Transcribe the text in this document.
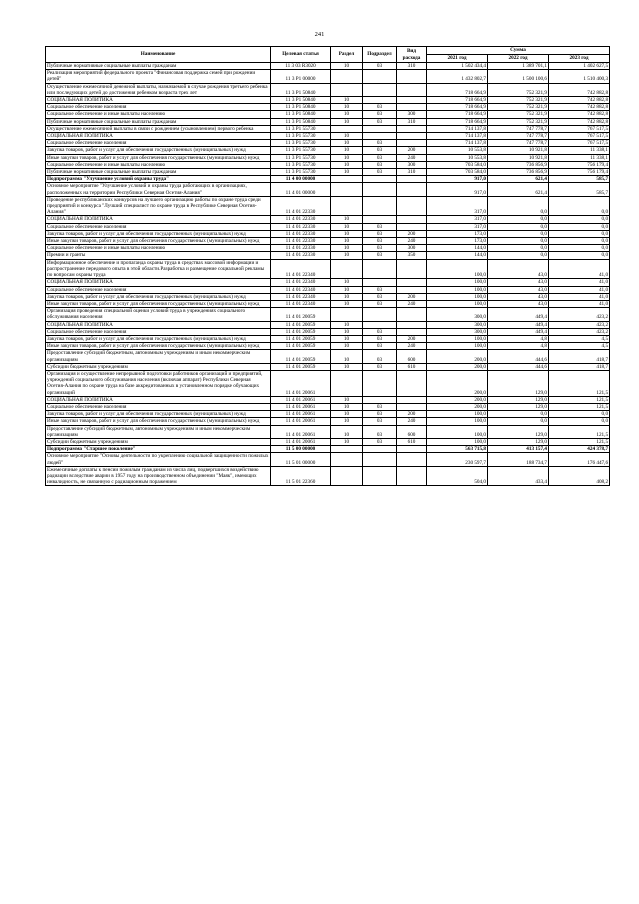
241
Наименование	Целевая статья	Раздел	Подраздел	Вид расхода	Сумма		
					2021 год	2022 год	2023 год
Публичные нормативные социальные выплаты гражданам	11 3 03 R3020	10	03	310	1 502 434,4	1 389 701,1	1 402 627,5
Реализация мероприятий федерального проекта "Финансовая поддержка семей при рождении детей"	11 3 P1 00000				1 432 802,7	1 500 100,6	1 510 400,3
Осуществление ежемесячной денежной выплаты, назначаемой в случае рождения третьего ребенка или последующих детей до достижения ребенком возраста трех лет	11 3 P1 50840				718 664,9	752 321,9	742 882,8
СОЦИАЛЬНАЯ ПОЛИТИКА	11 3 P1 50840	10			718 664,9	752 321,9	742 882,8
Социальное обеспечение населения	11 3 P1 50840	10	03		718 664,9	752 321,9	742 882,8
Социальное обеспечение и иные выплаты населению	11 3 P1 50840	10	03	300	718 664,9	752 321,9	742 882,8
Публичные нормативные социальные выплаты гражданам	11 3 P1 50840	10	03	310	718 664,9	752 321,9	742 882,8
Осуществление ежемесячной выплаты в связи с рождением (усыновлением) первого ребенка	11 3 P1 55730				714 137,8	747 778,7	767 517,5
СОЦИАЛЬНАЯ ПОЛИТИКА	11 3 P1 55730	10			714 137,8	747 778,7	767 517,5
Социальное обеспечение населения	11 3 P1 55730	10	03		714 137,8	747 778,7	767 517,5
Закупка товаров, работ и услуг для обеспечения государственных (муниципальных) нужд	11 3 P1 55730	10	03	200	10 553,8	10 921,8	11 338,1
Иные закупки товаров, работ и услуг для обеспечения государственных (муниципальных) нужд	11 3 P1 55730	10	03	240	10 553,8	10 921,8	11 338,1
Социальное обеспечение и иные выплаты населению	11 3 P1 55730	10	03	300	703 584,0	736 856,9	756 179,4
Публичные нормативные социальные выплаты гражданам	11 3 P1 55730	10	03	310	703 584,0	736 856,9	756 179,4
Подпрограмма "Улучшение условий охраны труда"	11 4 00 00000				917,0	621,4	585,7
Основное мероприятие "Улучшение условий и охраны труда работающих в организациях, расположенных на территории Республики Северная Осетия-Алания"	11 4 01 00000				917,0	621,4	585,7
Проведение республиканских конкурсов на лучшего организацию работы по охране труда среди предприятий и конкурса "Лучший специалист по охране труда в Республике Северная Осетия-Алания"	11 4 01 22330				317,0	0,0	0,0
СОЦИАЛЬНАЯ ПОЛИТИКА	11 4 01 22330	10			317,0	0,0	0,0
Социальное обеспечение населения	11 4 01 22330	10	03		317,0	0,0	0,0
Закупка товаров, работ и услуг для обеспечения государственных (муниципальных) нужд	11 4 01 22330	10	03	200	173,0	0,0	0,0
Иные закупки товаров, работ и услуг для обеспечения государственных (муниципальных) нужд	11 4 01 22330	10	03	240	173,0	0,0	0,0
Социальное обеспечение и иные выплаты населению	11 4 01 22330	10	03	300	144,0	0,0	0,0
Премии и гранты	11 4 01 22330	10	03	350	144,0	0,0	0,0
Информационное обеспечение и пропаганда охраны труда в средствах массовой информации и распространение передового опыта в этой области.Разработка и размещение социальной рекламы по вопросам охраны труда	11 4 01 22340				100,0	43,0	41,0
СОЦИАЛЬНАЯ ПОЛИТИКА	11 4 01 22340	10			100,0	43,0	41,0
Социальное обеспечение населения	11 4 01 22340	10	03		100,0	43,0	41,0
Закупка товаров, работ и услуг для обеспечения государственных (муниципальных) нужд	11 4 01 22340	10	03	200	100,0	43,0	41,0
Иные закупки товаров, работ и услуг для обеспечения государственных (муниципальных) нужд	11 4 01 22340	10	03	240	100,0	43,0	41,0
Организация проведения специальной оценки условий труда в учреждениях социального обслуживания населения	11 4 01 20059				300,0	449,4	423,2
СОЦИАЛЬНАЯ ПОЛИТИКА	11 4 01 20059	10			300,0	449,4	423,2
Социальное обеспечение населения	11 4 01 20059	10	03		300,0	449,4	423,2
Закупка товаров, работ и услуг для обеспечения государственных (муниципальных) нужд	11 4 01 20059	10	03	200	100,0	4,8	4,5
Иные закупки товаров, работ и услуг для обеспечения государственных (муниципальных) нужд	11 4 01 20059	10	03	240	100,0	4,8	4,5
Предоставление субсидий бюджетным, автономным учреждениям и иным некоммерческим организациям	11 4 01 20059	10	03	600	200,0	444,6	418,7
Субсидии бюджетным учреждениям	11 4 01 20059	10	03	610	200,0	444,6	418,7
Организация и осуществление непрерывной подготовки работников организаций и предприятий, учреждений социального обслуживания населения (включая аппарат) Республики Северная Осетия-Алания по охране труда на базе аккредитованных в установленном порядке обучающих организаций	11 4 01 20061				200,0	129,0	121,5
СОЦИАЛЬНАЯ ПОЛИТИКА	11 4 01 20061	10			200,0	129,0	121,5
Социальное обеспечение населения	11 4 01 20061	10	03		200,0	129,0	121,5
Закупка товаров, работ и услуг для обеспечения государственных (муниципальных) нужд	11 4 01 20061	10	03	200	100,0	0,0	0,0
Иные закупки товаров, работ и услуг для обеспечения государственных (муниципальных) нужд	11 4 01 20061	10	03	240	100,0	0,0	0,0
Предоставление субсидий бюджетным, автономным учреждениям и иным некоммерческим организациям	11 4 01 20061	10	03	600	100,0	129,0	121,5
Субсидии бюджетным учреждениям	11 4 01 20061	10	03	610	100,0	129,0	121,5
Подпрограмма "Старшее поколение"	11 5 00 00000				563 715,8	413 157,4	424 378,7
Основное мероприятие "Основы деятельности по укреплению социальной защищенности пожилых людей"	11 5 01 00000				230 597,7	188 734,7	176 447,6
Ежемесячные доплаты к пенсии пожилым гражданам из числа лиц, подвергшихся воздействию радиации вследствие аварии в 1957 году на производственном объединении "Маяк", имеющих инвалидность, не связанную с радиационным поражением	11 5 01 22360				504,0	433,4	408,2
